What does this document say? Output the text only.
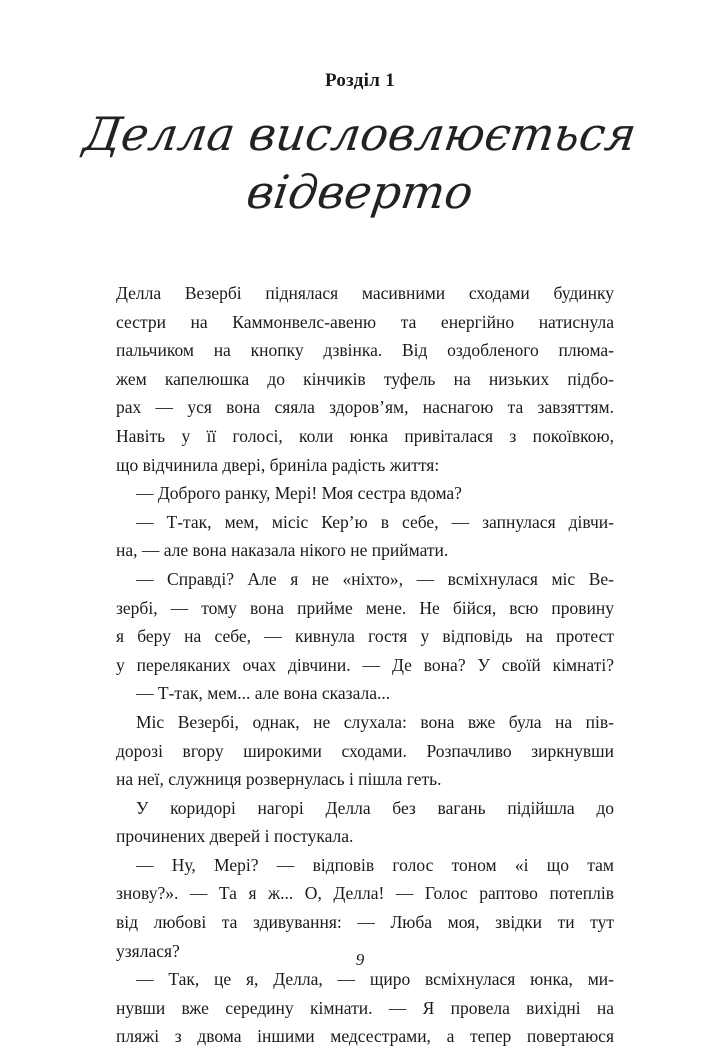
Розділ 1
Делла висловлюється
відверто
Делла Везербі піднялася масивними сходами будинку
сестри на Каммонвелс-авеню та енергійно натиснула
пальчиком на кнопку дзвінка. Від оздобленого плюма-
жем капелюшка до кінчиків туфель на низьких підбо-
рах — уся вона сяяла здоров’ям, наснагою та завзяттям.
Навіть у її голосі, коли юнка привіталася з покоївкою,
що відчинила двері, бриніла радість життя:
— Доброго ранку, Мері! Моя сестра вдома?
— Т-так, мем, місіс Кер’ю в себе, — запнулася дівчи-
на, — але вона наказала нікого не приймати.
— Справді? Але я не «ніхто», — всміхнулася міс Ве-
зербі, — тому вона прийме мене. Не бійся, всю провину
я беру на себе, — кивнула гостя у відповідь на протест
у переляканих очах дівчини. — Де вона? У своїй кімнаті?
— Т-так, мем... але вона сказала...
Міс Везербі, однак, не слухала: вона вже була на пів-
дорозі вгору широкими сходами. Розпачливо зиркнувши
на неї, служниця розвернулась і пішла геть.
У коридорі нагорі Делла без вагань підійшла до
прочинених дверей і постукала.
— Ну, Мері? — відповів голос тоном «і що там
знову?». — Та я ж... О, Делла! — Голос раптово потеплів
від любові та здивування: — Люба моя, звідки ти тут
узялася?
— Так, це я, Делла, — щиро всміхнулася юнка, ми-
нувши вже середину кімнати. — Я провела вихідні на
пляжі з двома іншими медсестрами, а тепер повертаюся
9
